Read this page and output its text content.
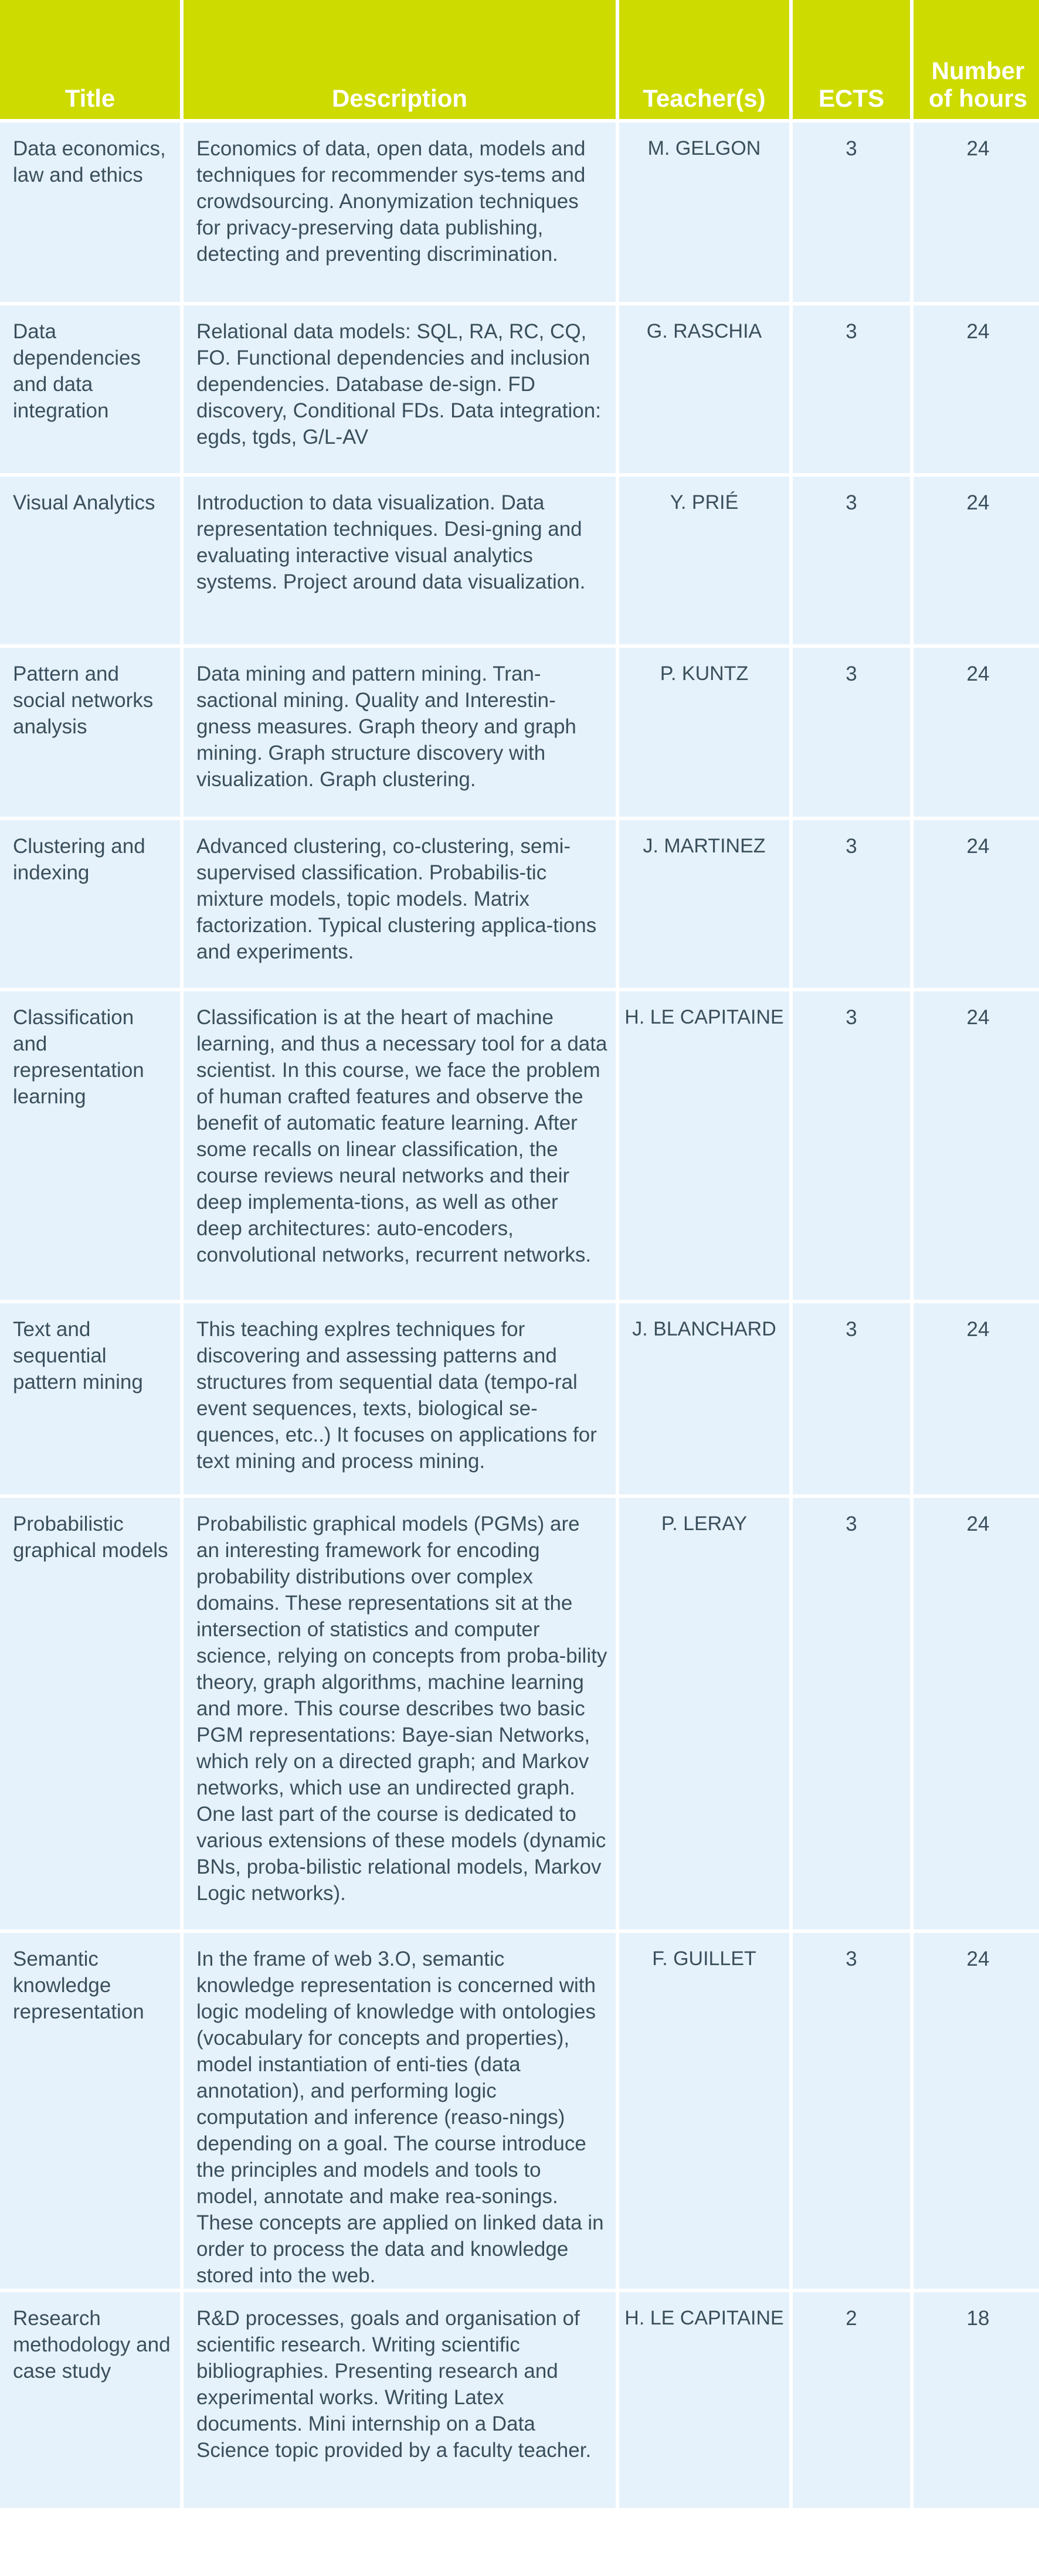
Title	Description	Teacher(s)	ECTS	Number
of hours
Data economics, law and ethics	Economics of data, open data, models and techniques for recommender sys-tems and crowdsourcing. Anonymization techniques for privacy-preserving data publishing, detecting and preventing discrimination.	M. GELGON	3	24
Data dependencies and data integration	Relational data models: SQL, RA, RC, CQ, FO. Functional dependencies and inclusion dependencies. Database de-sign. FD discovery, Conditional FDs. Data integration: egds, tgds, G/L-AV	G. RASCHIA	3	24
Visual Analytics	Introduction to data visualization. Data representation techniques. Desi-gning and evaluating interactive visual analytics systems. Project around data visualization.	Y. PRIÉ	3	24
Pattern and social networks analysis	Data mining and pattern mining. Tran-sactional mining. Quality and Interestin-gness measures. Graph theory and graph mining. Graph structure discovery with visualization. Graph clustering.	P. KUNTZ	3	24
Clustering and indexing	Advanced clustering, co-clustering, semi-supervised classification. Probabilis-tic mixture models, topic models. Matrix factorization. Typical clustering applica-tions and experiments.	J. MARTINEZ	3	24
Classification and representation learning	Classification is at the heart of machine learning, and thus a necessary tool for a data scientist. In this course, we face the problem of human crafted features and observe the benefit of automatic feature learning. After some recalls on linear classification, the course reviews neural networks and their deep implementa-tions, as well as other deep architectures: auto-encoders, convolutional networks, recurrent networks.	H. LE CAPITAINE	3	24
Text and sequential pattern mining	This teaching explres techniques for discovering and assessing patterns and structures from sequential data (tempo-ral event sequences, texts, biological se-quences, etc..) It focuses on applications for text mining and process mining.	J. BLANCHARD	3	24
Probabilistic graphical models	Probabilistic graphical models (PGMs) are an interesting framework for encoding probability distributions over complex domains. These representations sit at the intersection of statistics and computer science, relying on concepts from proba-bility theory, graph algorithms, machine learning and more. This course describes two basic PGM representations: Baye-sian Networks, which rely on a directed graph; and Markov networks, which use an undirected graph. One last part of the course is dedicated to various extensions of these models (dynamic BNs, proba-bilistic relational models, Markov Logic networks).	P. LERAY	3	24
Semantic knowledge representation	In the frame of web 3.O, semantic knowledge representation is concerned with logic modeling of knowledge with ontologies (vocabulary for concepts and properties), model instantiation of enti-ties (data annotation), and performing logic computation and inference (reaso-nings) depending on a goal. The course introduce the principles and models and tools to model, annotate and make rea-sonings. These concepts are applied on linked data in order to process the data and knowledge stored into the web.	F. GUILLET	3	24
Research methodology and case study	R&D processes, goals and organisation of scientific research. Writing scientific bibliographies. Presenting research and experimental works. Writing Latex documents. Mini internship on a Data Science topic provided by a faculty teacher.	H. LE CAPITAINE	2	18
